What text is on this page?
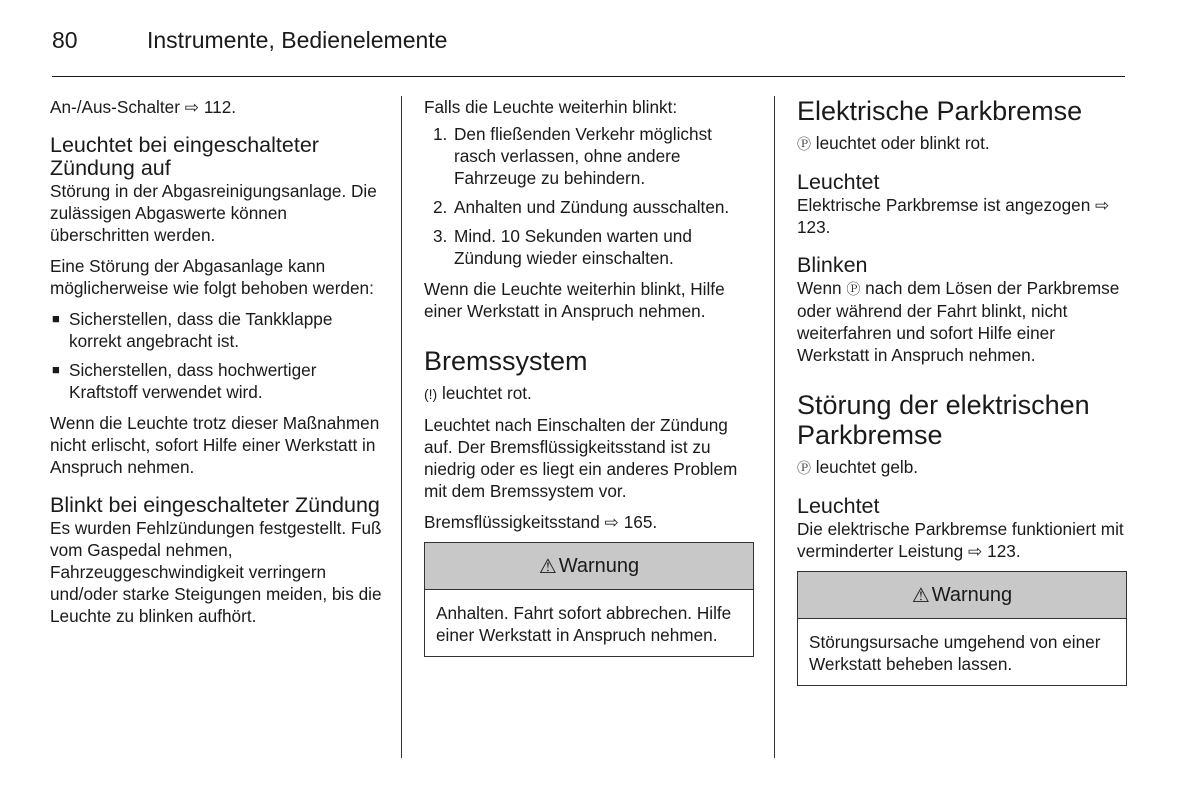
80	Instrumente, Bedienelemente

An-/Aus-Schalter ⇨ 112.

Leuchtet bei eingeschalteter Zündung auf

Störung in der Abgasreinigungsanlage. Die zulässigen Abgaswerte können überschritten werden.

Eine Störung der Abgasanlage kann möglicherweise wie folgt behoben werden:

■ Sicherstellen, dass die Tankklappe korrekt angebracht ist.
■ Sicherstellen, dass hochwertiger Kraftstoff verwendet wird.

Wenn die Leuchte trotz dieser Maßnahmen nicht erlischt, sofort Hilfe einer Werkstatt in Anspruch nehmen.

Blinkt bei eingeschalteter Zündung

Es wurden Fehlzündungen festgestellt. Fuß vom Gaspedal nehmen, Fahrzeuggeschwindigkeit verringern und/oder starke Steigungen meiden, bis die Leuchte zu blinken aufhört.

Falls die Leuchte weiterhin blinkt:

1. Den fließenden Verkehr möglichst rasch verlassen, ohne andere Fahrzeuge zu behindern.
2. Anhalten und Zündung ausschalten.
3. Mind. 10 Sekunden warten und Zündung wieder einschalten.

Wenn die Leuchte weiterhin blinkt, Hilfe einer Werkstatt in Anspruch nehmen.

Bremssystem

(!) leuchtet rot.

Leuchtet nach Einschalten der Zündung auf. Der Bremsflüssigkeitsstand ist zu niedrig oder es liegt ein anderes Problem mit dem Bremssystem vor.

Bremsflüssigkeitsstand ⇨ 165.

⚠ Warnung
Anhalten. Fahrt sofort abbrechen. Hilfe einer Werkstatt in Anspruch nehmen.
Elektrische Parkbremse

Ⓟ leuchtet oder blinkt rot.

Leuchtet

Elektrische Parkbremse ist angezogen ⇨ 123.

Blinken

Wenn Ⓟ nach dem Lösen der Parkbremse oder während der Fahrt blinkt, nicht weiterfahren und sofort Hilfe einer Werkstatt in Anspruch nehmen.

Störung der elektrischen Parkbremse

Ⓟ leuchtet gelb.

Leuchtet

Die elektrische Parkbremse funktioniert mit verminderter Leistung ⇨ 123.

⚠ Warnung
Störungsursache umgehend von einer Werkstatt beheben lassen.
